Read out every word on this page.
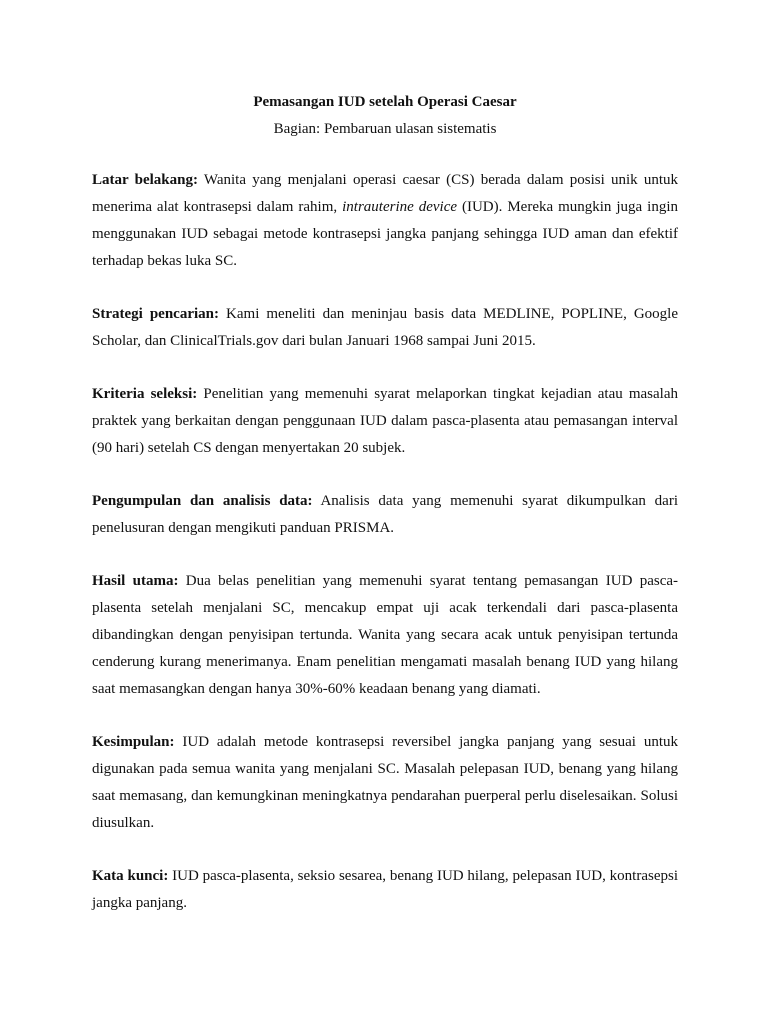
Pemasangan IUD setelah Operasi Caesar

Bagian: Pembaruan ulasan sistematis

Latar belakang: Wanita yang menjalani operasi caesar (CS) berada dalam posisi unik untuk menerima alat kontrasepsi dalam rahim, intrauterine device (IUD). Mereka mungkin juga ingin menggunakan IUD sebagai metode kontrasepsi jangka panjang sehingga IUD aman dan efektif terhadap bekas luka SC.

Strategi pencarian: Kami meneliti dan meninjau basis data MEDLINE, POPLINE, Google Scholar, dan ClinicalTrials.gov dari bulan Januari 1968 sampai Juni 2015.

Kriteria seleksi: Penelitian yang memenuhi syarat melaporkan tingkat kejadian atau masalah praktek yang berkaitan dengan penggunaan IUD dalam pasca-plasenta atau pemasangan interval (90 hari) setelah CS dengan menyertakan 20 subjek.

Pengumpulan dan analisis data: Analisis data yang memenuhi syarat dikumpulkan dari penelusuran dengan mengikuti panduan PRISMA.

Hasil utama: Dua belas penelitian yang memenuhi syarat tentang pemasangan IUD pasca-plasenta setelah menjalani SC, mencakup empat uji acak terkendali dari pasca-plasenta dibandingkan dengan penyisipan tertunda. Wanita yang secara acak untuk penyisipan tertunda cenderung kurang menerimanya. Enam penelitian mengamati masalah benang IUD yang hilang saat memasangkan dengan hanya 30%-60% keadaan benang yang diamati.

Kesimpulan: IUD adalah metode kontrasepsi reversibel jangka panjang yang sesuai untuk digunakan pada semua wanita yang menjalani SC. Masalah pelepasan IUD, benang yang hilang saat memasang, dan kemungkinan meningkatnya pendarahan puerperal perlu diselesaikan. Solusi diusulkan.

Kata kunci: IUD pasca-plasenta, seksio sesarea, benang IUD hilang, pelepasan IUD, kontrasepsi jangka panjang.
